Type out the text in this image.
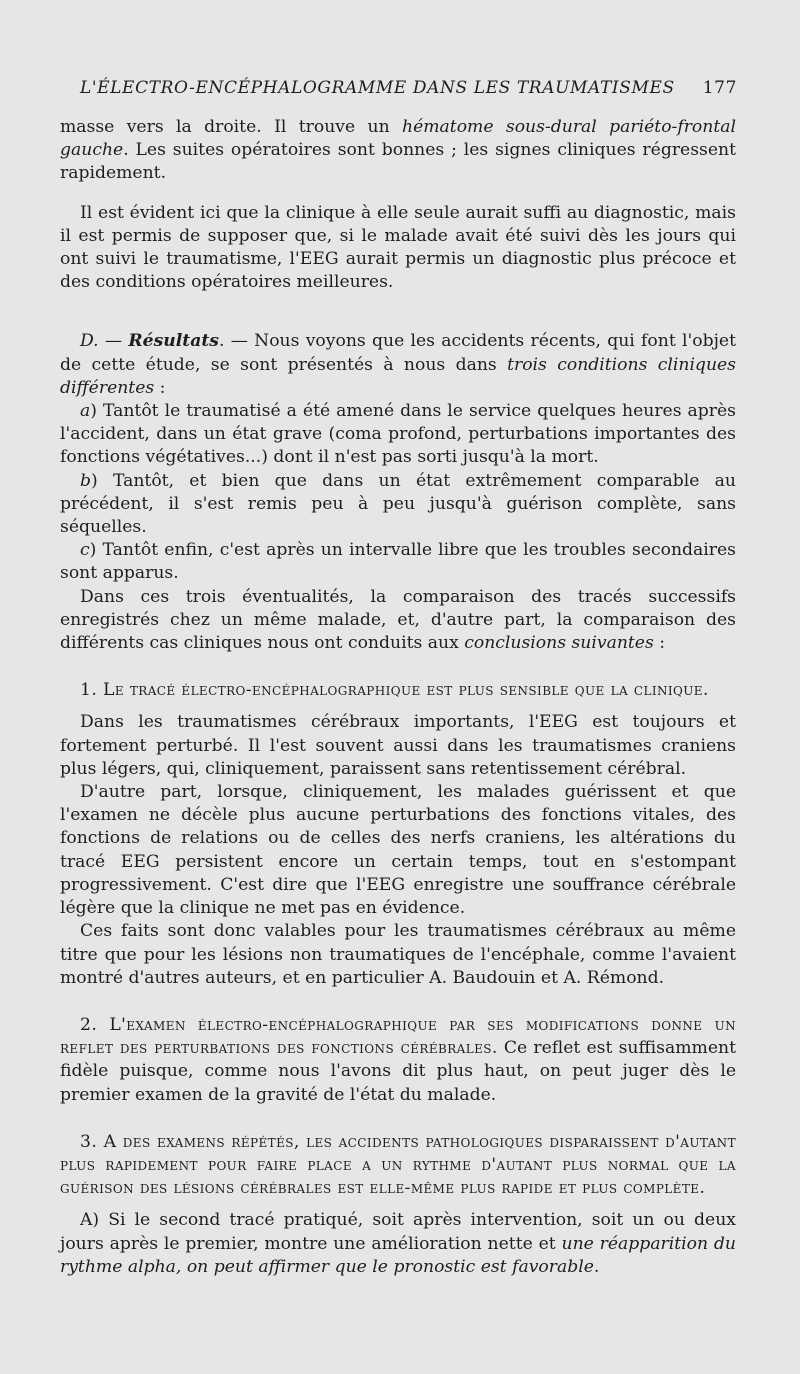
L'ÉLECTRO-ENCÉPHALOGRAMME DANS LES TRAUMATISMES 177

masse vers la droite. Il trouve un hématome sous-dural pariéto-frontal gauche. Les suites opératoires sont bonnes ; les signes cliniques régressent rapidement.

Il est évident ici que la clinique à elle seule aurait suffi au diagnostic, mais il est permis de supposer que, si le malade avait été suivi dès les jours qui ont suivi le traumatisme, l'EEG aurait permis un diagnostic plus précoce et des conditions opératoires meilleures.

D. — Résultats. — Nous voyons que les accidents récents, qui font l'objet de cette étude, se sont présentés à nous dans trois conditions cliniques différentes :

a) Tantôt le traumatisé a été amené dans le service quelques heures après l'accident, dans un état grave (coma profond, perturbations importantes des fonctions végétatives...) dont il n'est pas sorti jusqu'à la mort.

b) Tantôt, et bien que dans un état extrêmement comparable au précédent, il s'est remis peu à peu jusqu'à guérison complète, sans séquelles.

c) Tantôt enfin, c'est après un intervalle libre que les troubles secondaires sont apparus.

Dans ces trois éventualités, la comparaison des tracés successifs enregistrés chez un même malade, et, d'autre part, la comparaison des différents cas cliniques nous ont conduits aux conclusions suivantes :

1. Le tracé électro-encéphalographique est plus sensible que la clinique.

Dans les traumatismes cérébraux importants, l'EEG est toujours et fortement perturbé. Il l'est souvent aussi dans les traumatismes craniens plus légers, qui, cliniquement, paraissent sans retentissement cérébral.

D'autre part, lorsque, cliniquement, les malades guérissent et que l'examen ne décèle plus aucune perturbations des fonctions vitales, des fonctions de relations ou de celles des nerfs craniens, les altérations du tracé EEG persistent encore un certain temps, tout en s'estompant progressivement. C'est dire que l'EEG enregistre une souffrance cérébrale légère que la clinique ne met pas en évidence.

Ces faits sont donc valables pour les traumatismes cérébraux au même titre que pour les lésions non traumatiques de l'encéphale, comme l'avaient montré d'autres auteurs, et en particulier A. Baudouin et A. Rémond.

2. L'examen électro-encéphalographique par ses modifications donne un reflet des perturbations des fonctions cérébrales. Ce reflet est suffisamment fidèle puisque, comme nous l'avons dit plus haut, on peut juger dès le premier examen de la gravité de l'état du malade.

3. A des examens répétés, les accidents pathologiques disparaissent d'autant plus rapidement pour faire place a un rythme d'autant plus normal que la guérison des lésions cérébrales est elle-même plus rapide et plus complète.

A) Si le second tracé pratiqué, soit après intervention, soit un ou deux jours après le premier, montre une amélioration nette et une réapparition du rythme alpha, on peut affirmer que le pronostic est favorable.
